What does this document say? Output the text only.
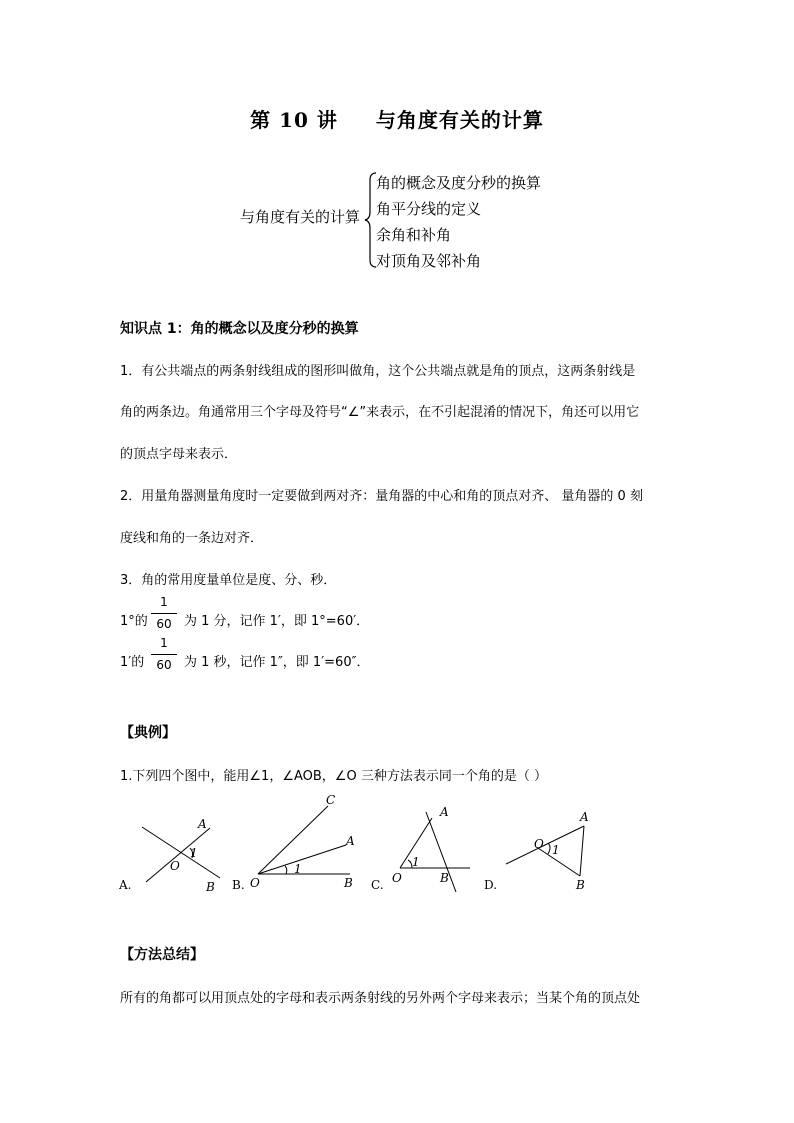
第 10 讲 与角度有关的计算
与角度有关的计算
角的概念及度分秒的换算
角平分线的定义
余角和补角
对顶角及邻补角
知识点 1：角的概念以及度分秒的换算
1．有公共端点的两条射线组成的图形叫做角，这个公共端点就是角的顶点，这两条射线是
角的两条边。角通常用三个字母及符号“∠”来表示，在不引起混淆的情况下，角还可以用它
的顶点字母来表示．
2．用量角器测量角度时一定要做到两对齐：量角器的中心和角的顶点对齐、 量角器的 0 刻
度线和角的一条边对齐．
3．角的常用度量单位是度、分、秒．
1°的
1
60 为 1 分，记作 1′，即 1°=60′．
1′的
1
60 为 1 秒，记作 1″，即 1′=60″．
【典例】
1.下列四个图中，能用∠1，∠AOB，∠O 三种方法表示同一个角的是（ ）
A
O
1
B
C
A
O
1
B
A
O
1
B
A
O 1
B
A.	B.	C.	D.
【方法总结】
所有的角都可以用顶点处的字母和表示两条射线的另外两个字母来表示；当某个角的顶点处
